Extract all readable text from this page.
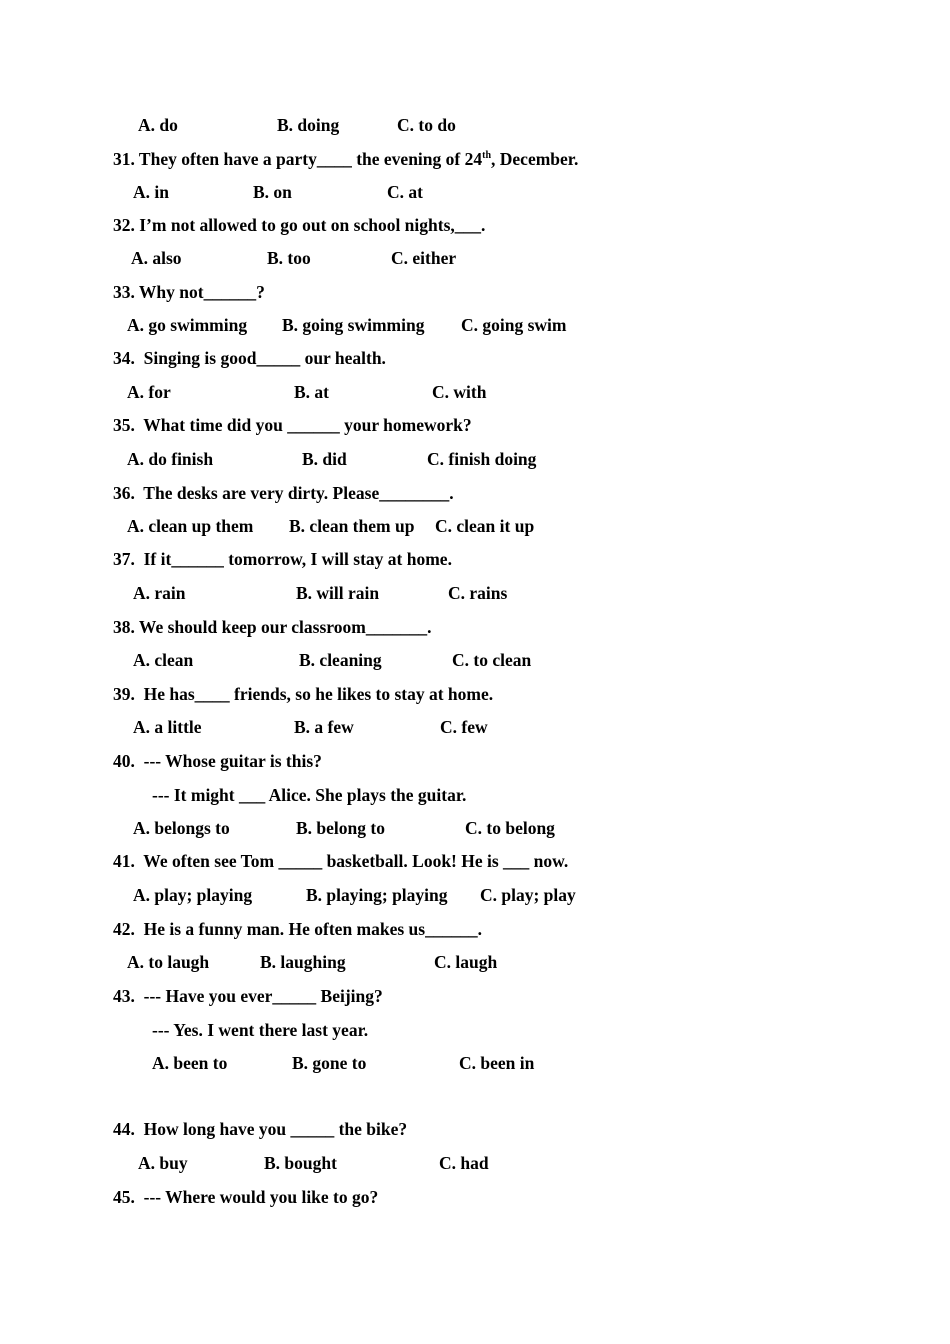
A. do	B. doing	C. to do
31. They often have a party____ the evening of 24th, December.
A. in	B. on	C. at
32. I’m not allowed to go out on school nights,___.
A. also	B. too	C. either
33. Why not______?
A. go swimming B. going swimming C. going swim
34.  Singing is good_____ our health.
A. for	B. at	C. with
35.  What time did you ______ your homework?
A. do finish	B. did	C. finish doing
36.  The desks are very dirty. Please________.
A. clean up them B. clean them up C. clean it up
37.  If it______ tomorrow, I will stay at home.
A. rain	B. will rain	C. rains
38. We should keep our classroom_______.
A. clean	B. cleaning	C. to clean
39.  He has____ friends, so he likes to stay at home.
A. a little	B. a few	C. few
40.  --- Whose guitar is this?
--- It might ___ Alice. She plays the guitar.
A. belongs to	B. belong to	C. to belong
41.  We often see Tom _____ basketball. Look! He is ___ now.
A. play; playing	B. playing; playing C. play; play
42.  He is a funny man. He often makes us______.
A. to laugh	B. laughing	C. laugh
43.  --- Have you ever_____ Beijing?
--- Yes. I went there last year.
A. been to	B. gone to	C. been in
44.  How long have you _____ the bike?
A. buy	B. bought	C. had
45.  --- Where would you like to go?
